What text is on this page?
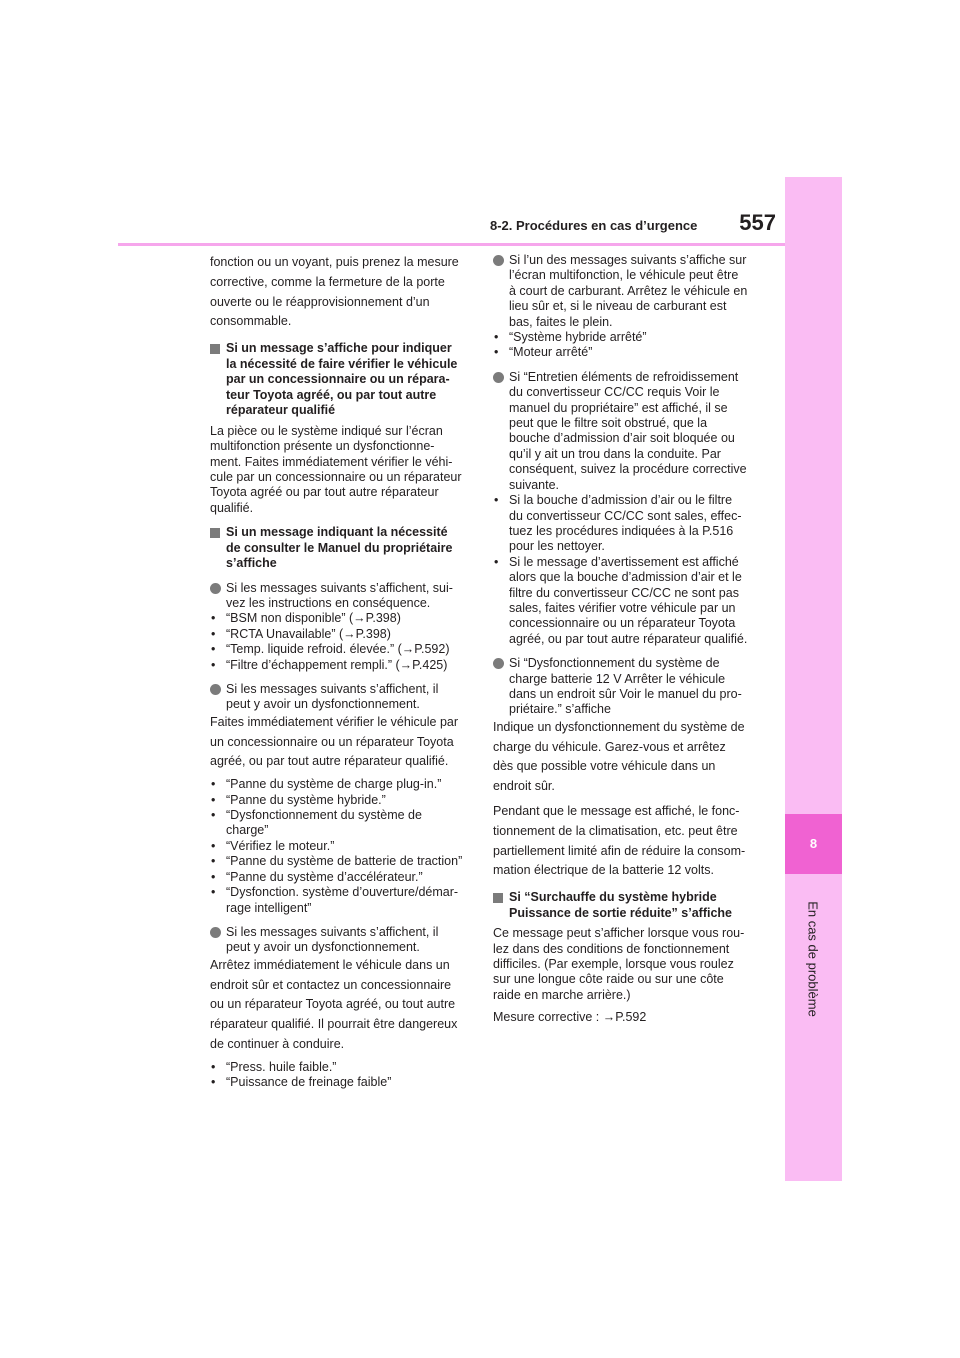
8-2. Procédures en cas d’urgence 557
8
En cas de problème
fonction ou un voyant, puis prenez la mesure
corrective, comme la fermeture de la porte
ouverte ou le réapprovisionnement d’un
consommable.
Si un message s’affiche pour indiquer
la nécessité de faire vérifier le véhicule
par un concessionnaire ou un répara-
teur Toyota agréé, ou par tout autre
réparateur qualifié
La pièce ou le système indiqué sur l’écran
multifonction présente un dysfonctionne-
ment. Faites immédiatement vérifier le véhi-
cule par un concessionnaire ou un réparateur
Toyota agréé ou par tout autre réparateur
qualifié.
Si un message indiquant la nécessité
de consulter le Manuel du propriétaire
s’affiche
Si les messages suivants s’affichent, sui-
vez les instructions en conséquence.
• “BSM non disponible” (→P.398)
• “RCTA Unavailable” (→P.398)
• “Temp. liquide refroid. élevée.” (→P.592)
• “Filtre d’échappement rempli.” (→P.425)
Si les messages suivants s’affichent, il
peut y avoir un dysfonctionnement.
Faites immédiatement vérifier le véhicule par
un concessionnaire ou un réparateur Toyota
agréé, ou par tout autre réparateur qualifié.
• “Panne du système de charge plug-in.”
• “Panne du système hybride.”
• “Dysfonctionnement du système de
charge”
• “Vérifiez le moteur.”
• “Panne du système de batterie de traction”
• “Panne du système d’accélérateur.”
• “Dysfonction. système d’ouverture/démar-
rage intelligent”
Si les messages suivants s’affichent, il
peut y avoir un dysfonctionnement.
Arrêtez immédiatement le véhicule dans un
endroit sûr et contactez un concessionnaire
ou un réparateur Toyota agréé, ou tout autre
réparateur qualifié. Il pourrait être dangereux
de continuer à conduire.
• “Press. huile faible.”
• “Puissance de freinage faible”
Si l’un des messages suivants s’affiche sur
l’écran multifonction, le véhicule peut être
à court de carburant. Arrêtez le véhicule en
lieu sûr et, si le niveau de carburant est
bas, faites le plein.
• “Système hybride arrêté”
• “Moteur arrêté”
Si “Entretien éléments de refroidissement
du convertisseur CC/CC requis Voir le
manuel du propriétaire” est affiché, il se
peut que le filtre soit obstrué, que la
bouche d’admission d’air soit bloquée ou
qu’il y ait un trou dans la conduite. Par
conséquent, suivez la procédure corrective
suivante.
• Si la bouche d’admission d’air ou le filtre
du convertisseur CC/CC sont sales, effec-
tuez les procédures indiquées à la P.516
pour les nettoyer.
• Si le message d’avertissement est affiché
alors que la bouche d’admission d’air et le
filtre du convertisseur CC/CC ne sont pas
sales, faites vérifier votre véhicule par un
concessionnaire ou un réparateur Toyota
agréé, ou par tout autre réparateur qualifié.
Si “Dysfonctionnement du système de
charge batterie 12 V Arrêter le véhicule
dans un endroit sûr Voir le manuel du pro-
priétaire.” s’affiche
Indique un dysfonctionnement du système de
charge du véhicule. Garez-vous et arrêtez
dès que possible votre véhicule dans un
endroit sûr.
Pendant que le message est affiché, le fonc-
tionnement de la climatisation, etc. peut être
partiellement limité afin de réduire la consom-
mation électrique de la batterie 12 volts.
Si “Surchauffe du système hybride
Puissance de sortie réduite” s’affiche
Ce message peut s’afficher lorsque vous rou-
lez dans des conditions de fonctionnement
difficiles. (Par exemple, lorsque vous roulez
sur une longue côte raide ou sur une côte
raide en marche arrière.)
Mesure corrective : →P.592
